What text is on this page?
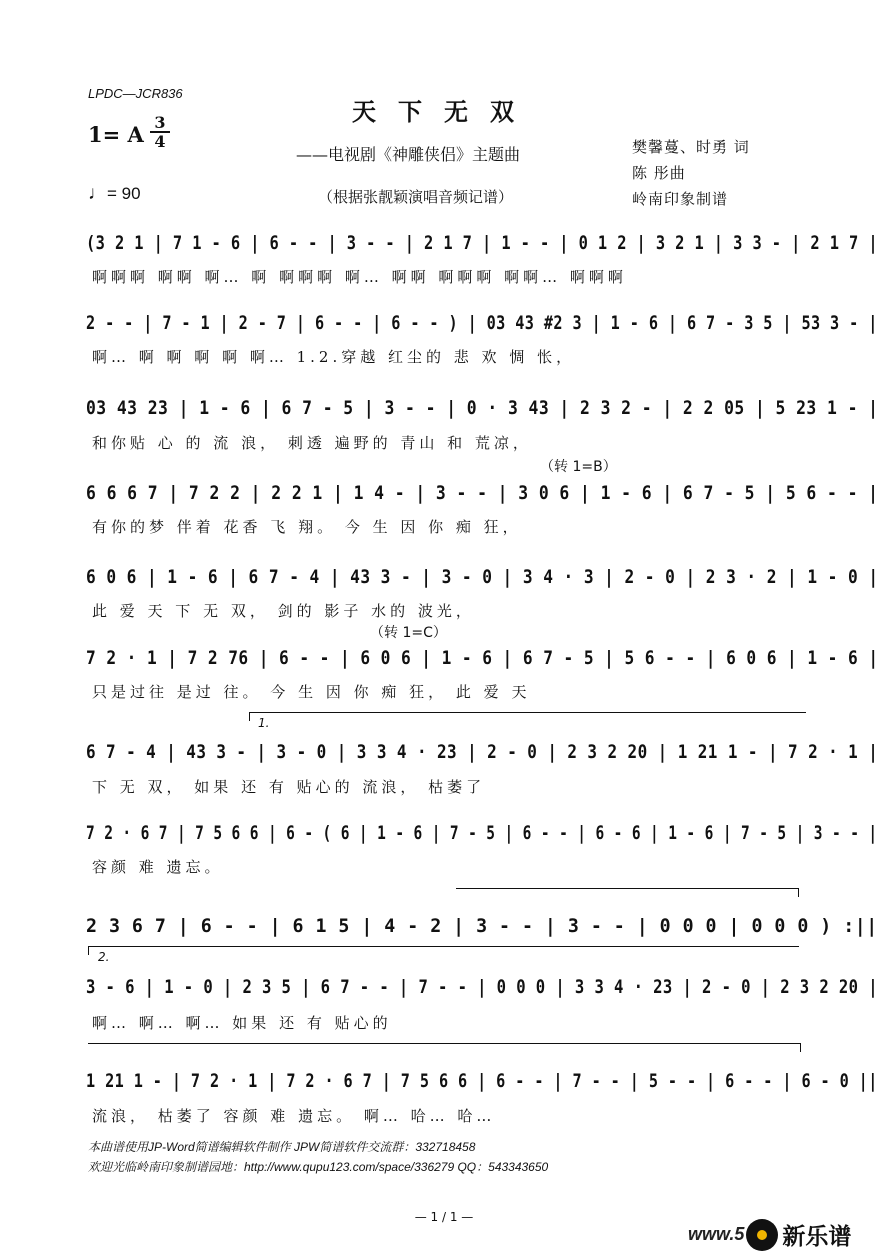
LPDC—JCR836
天下无双
1= A 3
4
♩= 90
——电视剧《神雕侠侣》主题曲
（根据张靓颖演唱音频记谱）
樊馨蔓、时勇 词
陈 彤曲
岭南印象制谱
(3 2 1 | 7 1 - 6 | 6 - - | 3 - - | 2 1 7 | 1 - - | 0 1 2 | 3 2 1 | 3 3 - | 2 1 7 |
啊啊啊 啊啊 啊… 啊 啊啊啊 啊… 啊啊 啊啊啊 啊啊… 啊啊啊
2 - - | 7 - 1 | 2 - 7 | 6 - - | 6 - - ) | 03 43 #2 3 | 1 - 6 | 6 7 - 3 5 | 53 3 - |
啊… 啊 啊 啊 啊 啊… 1.2.穿越 红尘的 悲 欢 惆 怅，
03 43 23 | 1 - 6 | 6 7 - 5 | 3 - - | 0 · 3 43 | 2 3 2 - | 2 2 05 | 5 23 1 - |
和你贴 心 的 流 浪， 刺透 遍野的 青山 和 荒凉，
（转 1=B）
6 6 6 7 | 7 2 2 | 2 2 1 | 1 4 - | 3 - - | 3 0 6 | 1 - 6 | 6 7 - 5 | 5 6 - - |
有你的梦 伴着 花香 飞 翔。 今 生 因 你 痴 狂，
6 0 6 | 1 - 6 | 6 7 - 4 | 43 3 - | 3 - 0 | 3 4 · 3 | 2 - 0 | 2 3 · 2 | 1 - 0 |
此 爱 天 下 无 双， 剑的 影子 水的 波光，
（转 1=C）
7 2 · 1 | 7 2 76 | 6 - - | 6 0 6 | 1 - 6 | 6 7 - 5 | 5 6 - - | 6 0 6 | 1 - 6 |
只是过往 是过 往。 今 生 因 你 痴 狂， 此 爱 天
1.
6 7 - 4 | 43 3 - | 3 - 0 | 3 3 4 · 23 | 2 - 0 | 2 3 2 20 | 1 21 1 - | 7 2 · 1 |
下 无 双， 如果 还 有 贴心的 流浪， 枯萎了
7 2 · 6 7 | 7 5 6 6 | 6 - ( 6 | 1 - 6 | 7 - 5 | 6 - - | 6 - 6 | 1 - 6 | 7 - 5 | 3 - - |
容颜 难 遗忘。
2 3 6 7 | 6 - - | 6 1 5 | 4 - 2 | 3 - - | 3 - - | 0 0 0 | 0 0 0 ) :||
2.
3 - 6 | 1 - 0 | 2 3 5 | 6 7 - - | 7 - - | 0 0 0 | 3 3 4 · 23 | 2 - 0 | 2 3 2 20 |
啊… 啊… 啊… 如果 还 有 贴心的
1 21 1 - | 7 2 · 1 | 7 2 · 6 7 | 7 5 6 6 | 6 - - | 7 - - | 5 - - | 6 - - | 6 - 0 ||
流浪， 枯萎了 容颜 难 遗忘。 啊… 哈… 哈…
本曲谱使用JP-Word简谱编辑软件制作 JPW简谱软件交流群：332718458
欢迎光临岭南印象制谱园地：http://www.qupu123.com/space/336279 QQ：543343650
— 1 / 1 —
www.5 新乐谱
